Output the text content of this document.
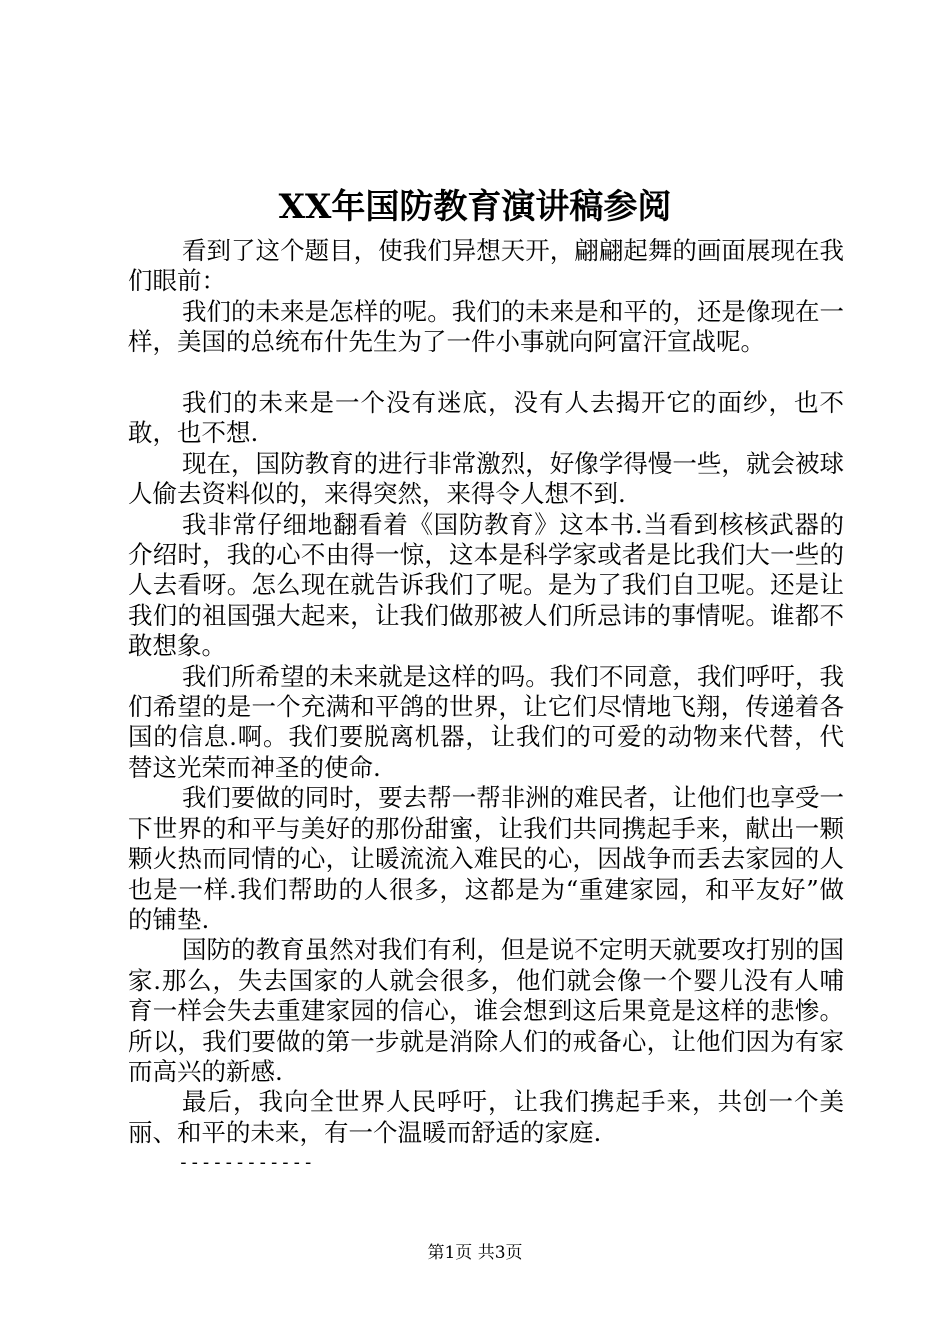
XX年国防教育演讲稿参阅

看到了这个题目，使我们异想天开，翩翩起舞的画面展现在我们眼前：

我们的未来是怎样的呢。我们的未来是和平的，还是像现在一样，美国的总统布什先生为了一件小事就向阿富汗宣战呢。

我们的未来是一个没有迷底，没有人去揭开它的面纱，也不敢，也不想.

现在，国防教育的进行非常激烈，好像学得慢一些，就会被球人偷去资料似的，来得突然，来得令人想不到.

我非常仔细地翻看着《国防教育》这本书.当看到核核武器的介绍时，我的心不由得一惊，这本是科学家或者是比我们大一些的人去看呀。怎么现在就告诉我们了呢。是为了我们自卫呢。还是让我们的祖国强大起来，让我们做那被人们所忌讳的事情呢。谁都不敢想象。

我们所希望的未来就是这样的吗。我们不同意，我们呼吁，我们希望的是一个充满和平鸽的世界，让它们尽情地飞翔，传递着各国的信息.啊。我们要脱离机器，让我们的可爱的动物来代替，代替这光荣而神圣的使命.

我们要做的同时，要去帮一帮非洲的难民者，让他们也享受一下世界的和平与美好的那份甜蜜，让我们共同携起手来，献出一颗颗火热而同情的心，让暖流流入难民的心，因战争而丢去家园的人也是一样.我们帮助的人很多，这都是为“重建家园，和平友好”做的铺垫.

国防的教育虽然对我们有利，但是说不定明天就要攻打别的国家.那么，失去国家的人就会很多，他们就会像一个婴儿没有人哺育一样会失去重建家园的信心，谁会想到这后果竟是这样的悲惨。所以，我们要做的第一步就是消除人们的戒备心，让他们因为有家而高兴的新感.

最后，我向全世界人民呼吁，让我们携起手来，共创一个美丽、和平的未来，有一个温暖而舒适的家庭.

------------

第1页 共3页
